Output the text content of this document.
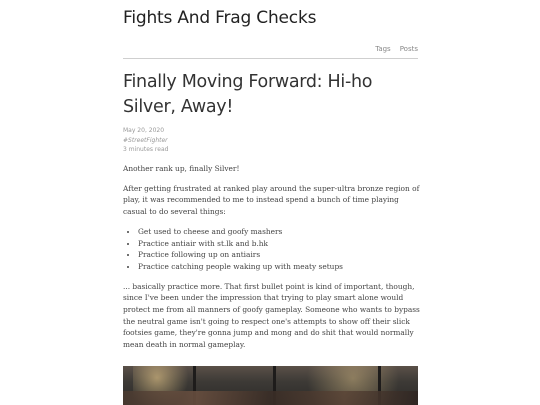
Fights And Frag Checks
Tags Posts
Finally Moving Forward: Hi-ho Silver, Away!
May 20, 2020
#StreetFighter
3 minutes read

Another rank up, finally Silver!

After getting frustrated at ranked play around the super-ultra bronze region of play, it was recommended to me to instead spend a bunch of time playing casual to do several things:

• Get used to cheese and goofy mashers
• Practice antiair with st.lk and b.hk
• Practice following up on antiairs
• Practice catching people waking up with meaty setups

... basically practice more. That first bullet point is kind of important, though, since I've been under the impression that trying to play smart alone would protect me from all manners of goofy gameplay. Someone who wants to bypass the neutral game isn't going to respect one's attempts to show off their slick footsies game, they're gonna jump and mong and do shit that would normally mean death in normal gameplay.
